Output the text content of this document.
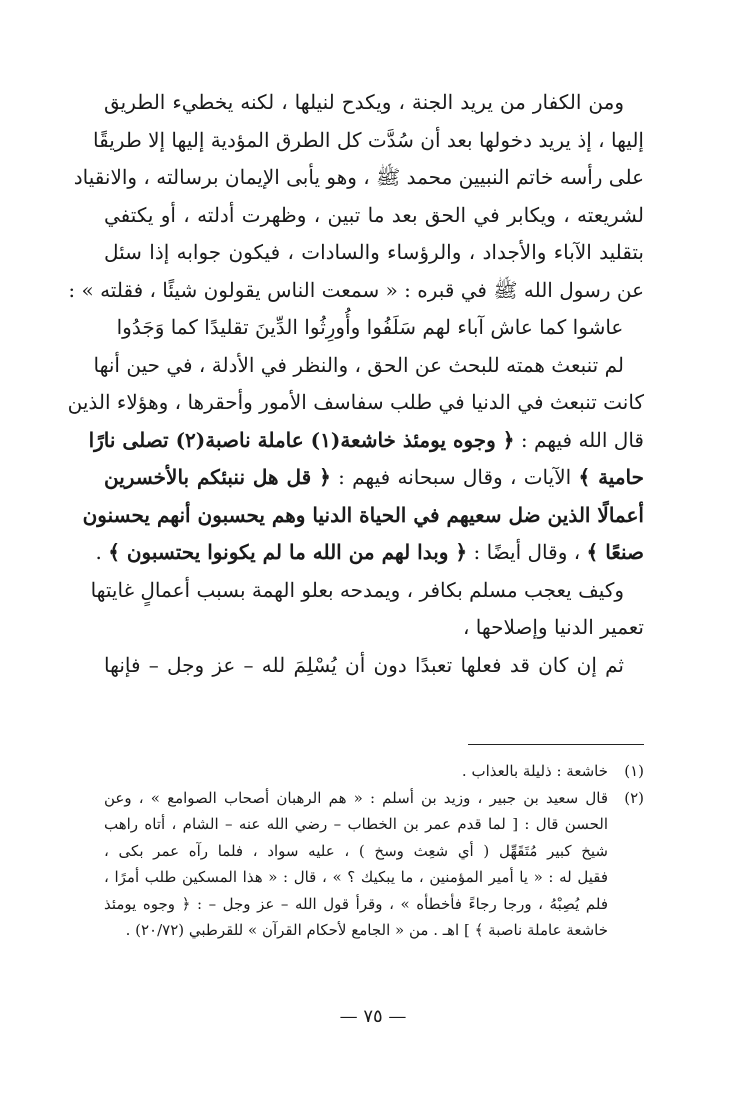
ومن الكفار من يريد الجنة ، ويكدح لنيلها ، لكنه يخطيء الطريق
إليها ، إذ يريد دخولها بعد أن سُدَّت كل الطرق المؤدية إليها إلا طريقًا
على رأسه خاتم النبيين محمد ﷺ ، وهو يأبى الإيمان برسالته ، والانقياد
لشريعته ، ويكابر في الحق بعد ما تبين ، وظهرت أدلته ، أو يكتفي
بتقليد الآباء والأجداد ، والرؤساء والسادات ، فيكون جوابه إذا سئل
عن رسول الله ﷺ في قبره : « سمعت الناس يقولون شيئًا ، فقلته » :
عاشوا كما عاش آباء لهم سَلَفُوا وأُورِثُوا الدِّينَ تقليدًا كما وَجَدُوا
لم تنبعث همته للبحث عن الحق ، والنظر في الأدلة ، في حين أنها
كانت تنبعث في الدنيا في طلب سفاسف الأمور وأحقرها ، وهؤلاء الذين
قال الله فيهم : ﴿ وجوه يومئذ خاشعة(١) عاملة ناصبة(٢) تصلى نارًا
حامية ﴾ الآيات ، وقال سبحانه فيهم : ﴿ قل هل ننبئكم بالأخسرين
أعمالًا الذين ضل سعيهم في الحياة الدنيا وهم يحسبون أنهم يحسنون
صنعًا ﴾ ، وقال أيضًا : ﴿ وبدا لهم من الله ما لم يكونوا يحتسبون ﴾ .
وكيف يعجب مسلم بكافر ، ويمدحه بعلو الهمة بسبب أعمالٍ غايتها
تعمير الدنيا وإصلاحها ،
ثم إن كان قد فعلها تعبدًا دون أن يُسْلِمَ لله – عز وجل – فإنها
(١)
خاشعة : ذليلة بالعذاب .
(٢)
قال سعيد بن جبير ، وزيد بن أسلم : « هم الرهبان أصحاب الصوامع » ، وعن
الحسن قال : [ لما قدم عمر بن الخطاب – رضي الله عنه – الشام ، أتاه راهب
شيخ كبير مُتَقَهِّل ( أي شعِث وسخ ) ، عليه سواد ، فلما رآه عمر بكى ،
فقيل له : « يا أمير المؤمنين ، ما يبكيك ؟ » ، قال : « هذا المسكين طلب أمرًا ،
فلم يُصِبْهُ ، ورجا رجاءً فأخطأه » ، وقرأ قول الله – عز وجل – : ﴿ وجوه يومئذ
خاشعة عاملة ناصبة ﴾ ] اهـ . من « الجامع لأحكام القرآن » للقرطبي (٢٠/٧٢) .
— ٧٥ —
